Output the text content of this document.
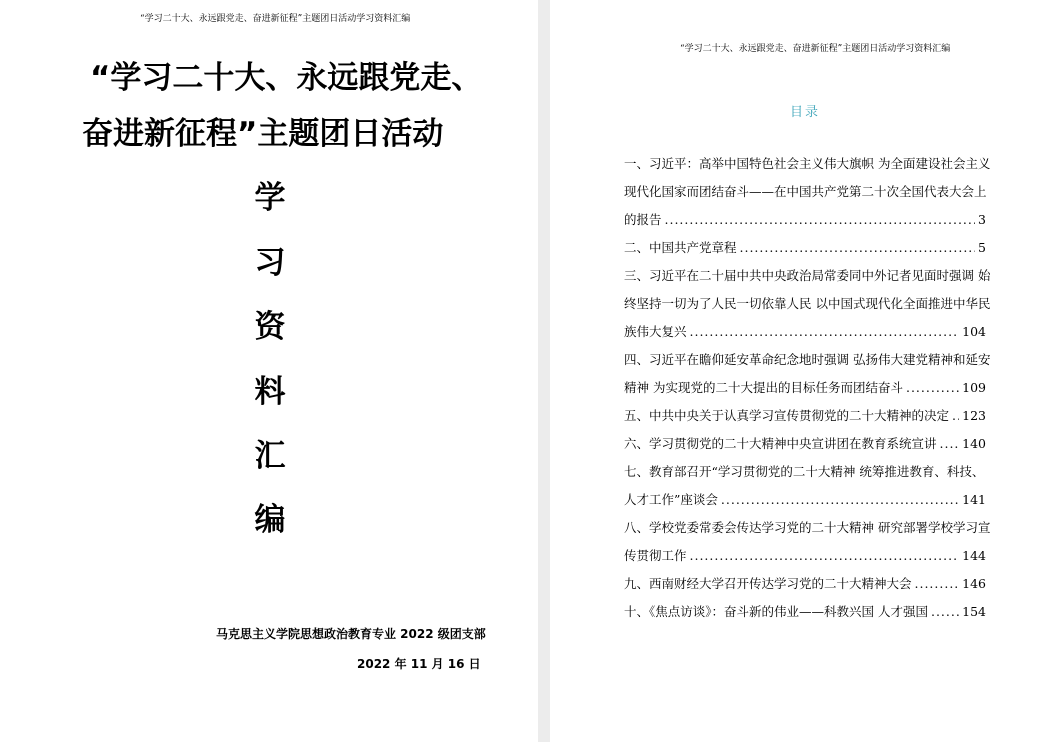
“学习二十大、永远跟党走、奋进新征程”主题团日活动学习资料汇编
“学习二十大、永远跟党走、
奋进新征程”主题团日活动
学
习
资
料
汇
编
马克思主义学院思想政治教育专业 2022 级团支部
2022 年 11 月 16 日
“学习二十大、永远跟党走、奋进新征程”主题团日活动学习资料汇编
目录
一、习近平：高举中国特色社会主义伟大旗帜 为全面建设社会主义
现代化国家而团结奋斗——在中国共产党第二十次全国代表大会上
的报告 .....	3
二、中国共产党章程 .....	5
三、习近平在二十届中共中央政治局常委同中外记者见面时强调 始
终坚持一切为了人民一切依靠人民 以中国式现代化全面推进中华民
族伟大复兴 .....	104
四、习近平在瞻仰延安革命纪念地时强调 弘扬伟大建党精神和延安
精神 为实现党的二十大提出的目标任务而团结奋斗 .....	109
五、中共中央关于认真学习宣传贯彻党的二十大精神的决定 ..... 123
六、学习贯彻党的二十大精神中央宣讲团在教育系统宣讲 ..... 140
七、教育部召开“学习贯彻党的二十大精神 统筹推进教育、科技、
人才工作”座谈会 .....	141
八、学校党委常委会传达学习党的二十大精神 研究部署学校学习宣
传贯彻工作 .....	144
九、西南财经大学召开传达学习党的二十大精神大会 .....	146
十、《焦点访谈》：奋斗新的伟业——科教兴国 人才强国 .....	154
